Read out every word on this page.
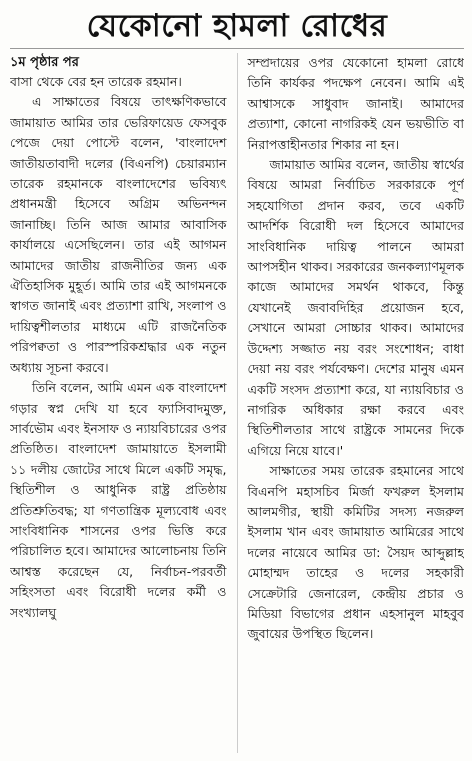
যেকোনো হামলা রোধের

১ম পৃষ্ঠার পর

বাসা থেকে বের হন তারেক রহমান।

এ সাক্ষাতের বিষয়ে তাৎক্ষণিকভাবে জামায়াত আমির তার ভেরিফায়েড ফেসবুক পেজে দেয়া পোস্টে বলেন, 'বাংলাদেশ জাতীয়তাবাদী দলের (বিএনপি) চেয়ারম্যান তারেক রহমানকে বাংলাদেশের ভবিষ্যৎ প্রধানমন্ত্রী হিসেবে অগ্রিম অভিনন্দন জানাচ্ছি। তিনি আজ আমার আবাসিক কার্যালয়ে এসেছিলেন। তার এই আগমন আমাদের জাতীয় রাজনীতির জন্য এক ঐতিহাসিক মুহূর্ত। আমি তার এই আগমনকে স্বাগত জানাই এবং প্রত্যাশা রাখি, সংলাপ ও দায়িত্বশীলতার মাধ্যমে এটি রাজনৈতিক পরিপক্বতা ও পারস্পরিকশ্রদ্ধার এক নতুন অধ্যায় সূচনা করবে।

তিনি বলেন, আমি এমন এক বাংলাদেশ গড়ার স্বপ্ন দেখি যা হবে ফ্যাসিবাদমুক্ত, সার্বভৌম এবং ইনসাফ ও ন্যায়বিচারের ওপর প্রতিষ্ঠিত। বাংলাদেশ জামায়াতে ইসলামী ১১ দলীয় জোটের সাথে মিলে একটি সমৃদ্ধ, স্থিতিশীল ও আধুনিক রাষ্ট্র প্রতিষ্ঠায় প্রতিশ্রুতিবদ্ধ; যা গণতান্ত্রিক মূল্যবোধ এবং সাংবিধানিক শাসনের ওপর ভিত্তি করে পরিচালিত হবে। আমাদের আলোচনায় তিনি আশ্বস্ত করেছেন যে, নির্বাচন-পরবর্তী সহিংসতা এবং বিরোধী দলের কর্মী ও সংখ্যালঘু

সম্প্রদায়ের ওপর যেকোনো হামলা রোধে তিনি কার্যকর পদক্ষেপ নেবেন। আমি এই আশ্বাসকে সাধুবাদ জানাই। আমাদের প্রত্যাশা, কোনো নাগরিকই যেন ভয়ভীতি বা নিরাপত্তাহীনতার শিকার না হন।

জামায়াত আমির বলেন, জাতীয় স্বার্থের বিষয়ে আমরা নির্বাচিত সরকারকে পূর্ণ সহযোগিতা প্রদান করব, তবে একটি আদর্শিক বিরোধী দল হিসেবে আমাদের সাংবিধানিক দায়িত্ব পালনে আমরা আপসহীন থাকব। সরকারের জনকল্যাণমূলক কাজে আমাদের সমর্থন থাকবে, কিন্তু যেখানেই জবাবদিহির প্রয়োজন হবে, সেখানে আমরা সোচ্চার থাকব। আমাদের উদ্দেশ্য সজ্জাত নয় বরং সংশোধন; বাধা দেয়া নয় বরং পর্যবেক্ষণ। দেশের মানুষ এমন একটি সংসদ প্রত্যাশা করে, যা ন্যায়বিচার ও নাগরিক অধিকার রক্ষা করবে এবং স্থিতিশীলতার সাথে রাষ্ট্রকে সামনের দিকে এগিয়ে নিয়ে যাবে।'

সাক্ষাতের সময় তারেক রহমানের সাথে বিএনপি মহাসচিব মির্জা ফখরুল ইসলাম আলমগীর, স্থায়ী কমিটির সদস্য নজরুল ইসলাম খান এবং জামায়াত আমিরের সাথে দলের নায়েবে আমির ডা: সৈয়দ আব্দুল্লাহ মোহাম্মদ তাহের ও দলের সহকারী সেক্রেটারি জেনারেল, কেন্দ্রীয় প্রচার ও মিডিয়া বিভাগের প্রধান এহসানুল মাহবুব জুবায়ের উপস্থিত ছিলেন।
